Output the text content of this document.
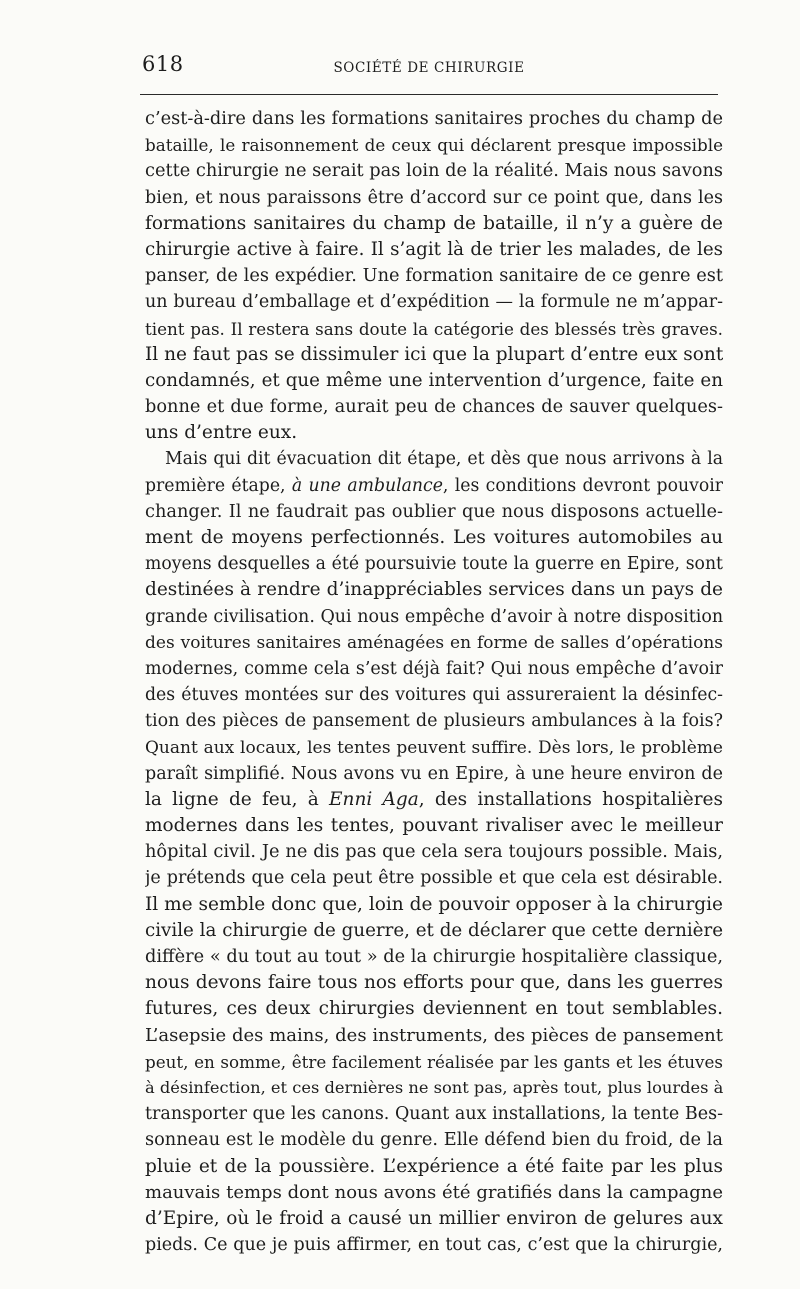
618	SOCIÉTÉ DE CHIRURGIE
c’est-à-dire dans les formations sanitaires proches du champ de
bataille, le raisonnement de ceux qui déclarent presque impossible
cette chirurgie ne serait pas loin de la réalité. Mais nous savons
bien, et nous paraissons être d’accord sur ce point que, dans les
formations sanitaires du champ de bataille, il n’y a guère de
chirurgie active à faire. Il s’agit là de trier les malades, de les
panser, de les expédier. Une formation sanitaire de ce genre est
un bureau d’emballage et d’expédition — la formule ne m’appar-
tient pas. Il restera sans doute la catégorie des blessés très graves.
Il ne faut pas se dissimuler ici que la plupart d’entre eux sont
condamnés, et que même une intervention d’urgence, faite en
bonne et due forme, aurait peu de chances de sauver quelques-
uns d’entre eux.
Mais qui dit évacuation dit étape, et dès que nous arrivons à la
première étape, à une ambulance, les conditions devront pouvoir
changer. Il ne faudrait pas oublier que nous disposons actuelle-
ment de moyens perfectionnés. Les voitures automobiles au
moyens desquelles a été poursuivie toute la guerre en Epire, sont
destinées à rendre d’inappréciables services dans un pays de
grande civilisation. Qui nous empêche d’avoir à notre disposition
des voitures sanitaires aménagées en forme de salles d’opérations
modernes, comme cela s’est déjà fait? Qui nous empêche d’avoir
des étuves montées sur des voitures qui assureraient la désinfec-
tion des pièces de pansement de plusieurs ambulances à la fois?
Quant aux locaux, les tentes peuvent suffire. Dès lors, le problème
paraît simplifié. Nous avons vu en Epire, à une heure environ de
la ligne de feu, à Enni Aga, des installations hospitalières
modernes dans les tentes, pouvant rivaliser avec le meilleur
hôpital civil. Je ne dis pas que cela sera toujours possible. Mais,
je prétends que cela peut être possible et que cela est désirable.
Il me semble donc que, loin de pouvoir opposer à la chirurgie
civile la chirurgie de guerre, et de déclarer que cette dernière
diffère « du tout au tout » de la chirurgie hospitalière classique,
nous devons faire tous nos efforts pour que, dans les guerres
futures, ces deux chirurgies deviennent en tout semblables.
L’asepsie des mains, des instruments, des pièces de pansement
peut, en somme, être facilement réalisée par les gants et les étuves
à désinfection, et ces dernières ne sont pas, après tout, plus lourdes à
transporter que les canons. Quant aux installations, la tente Bes-
sonneau est le modèle du genre. Elle défend bien du froid, de la
pluie et de la poussière. L’expérience a été faite par les plus
mauvais temps dont nous avons été gratifiés dans la campagne
d’Epire, où le froid a causé un millier environ de gelures aux
pieds. Ce que je puis affirmer, en tout cas, c’est que la chirurgie,
